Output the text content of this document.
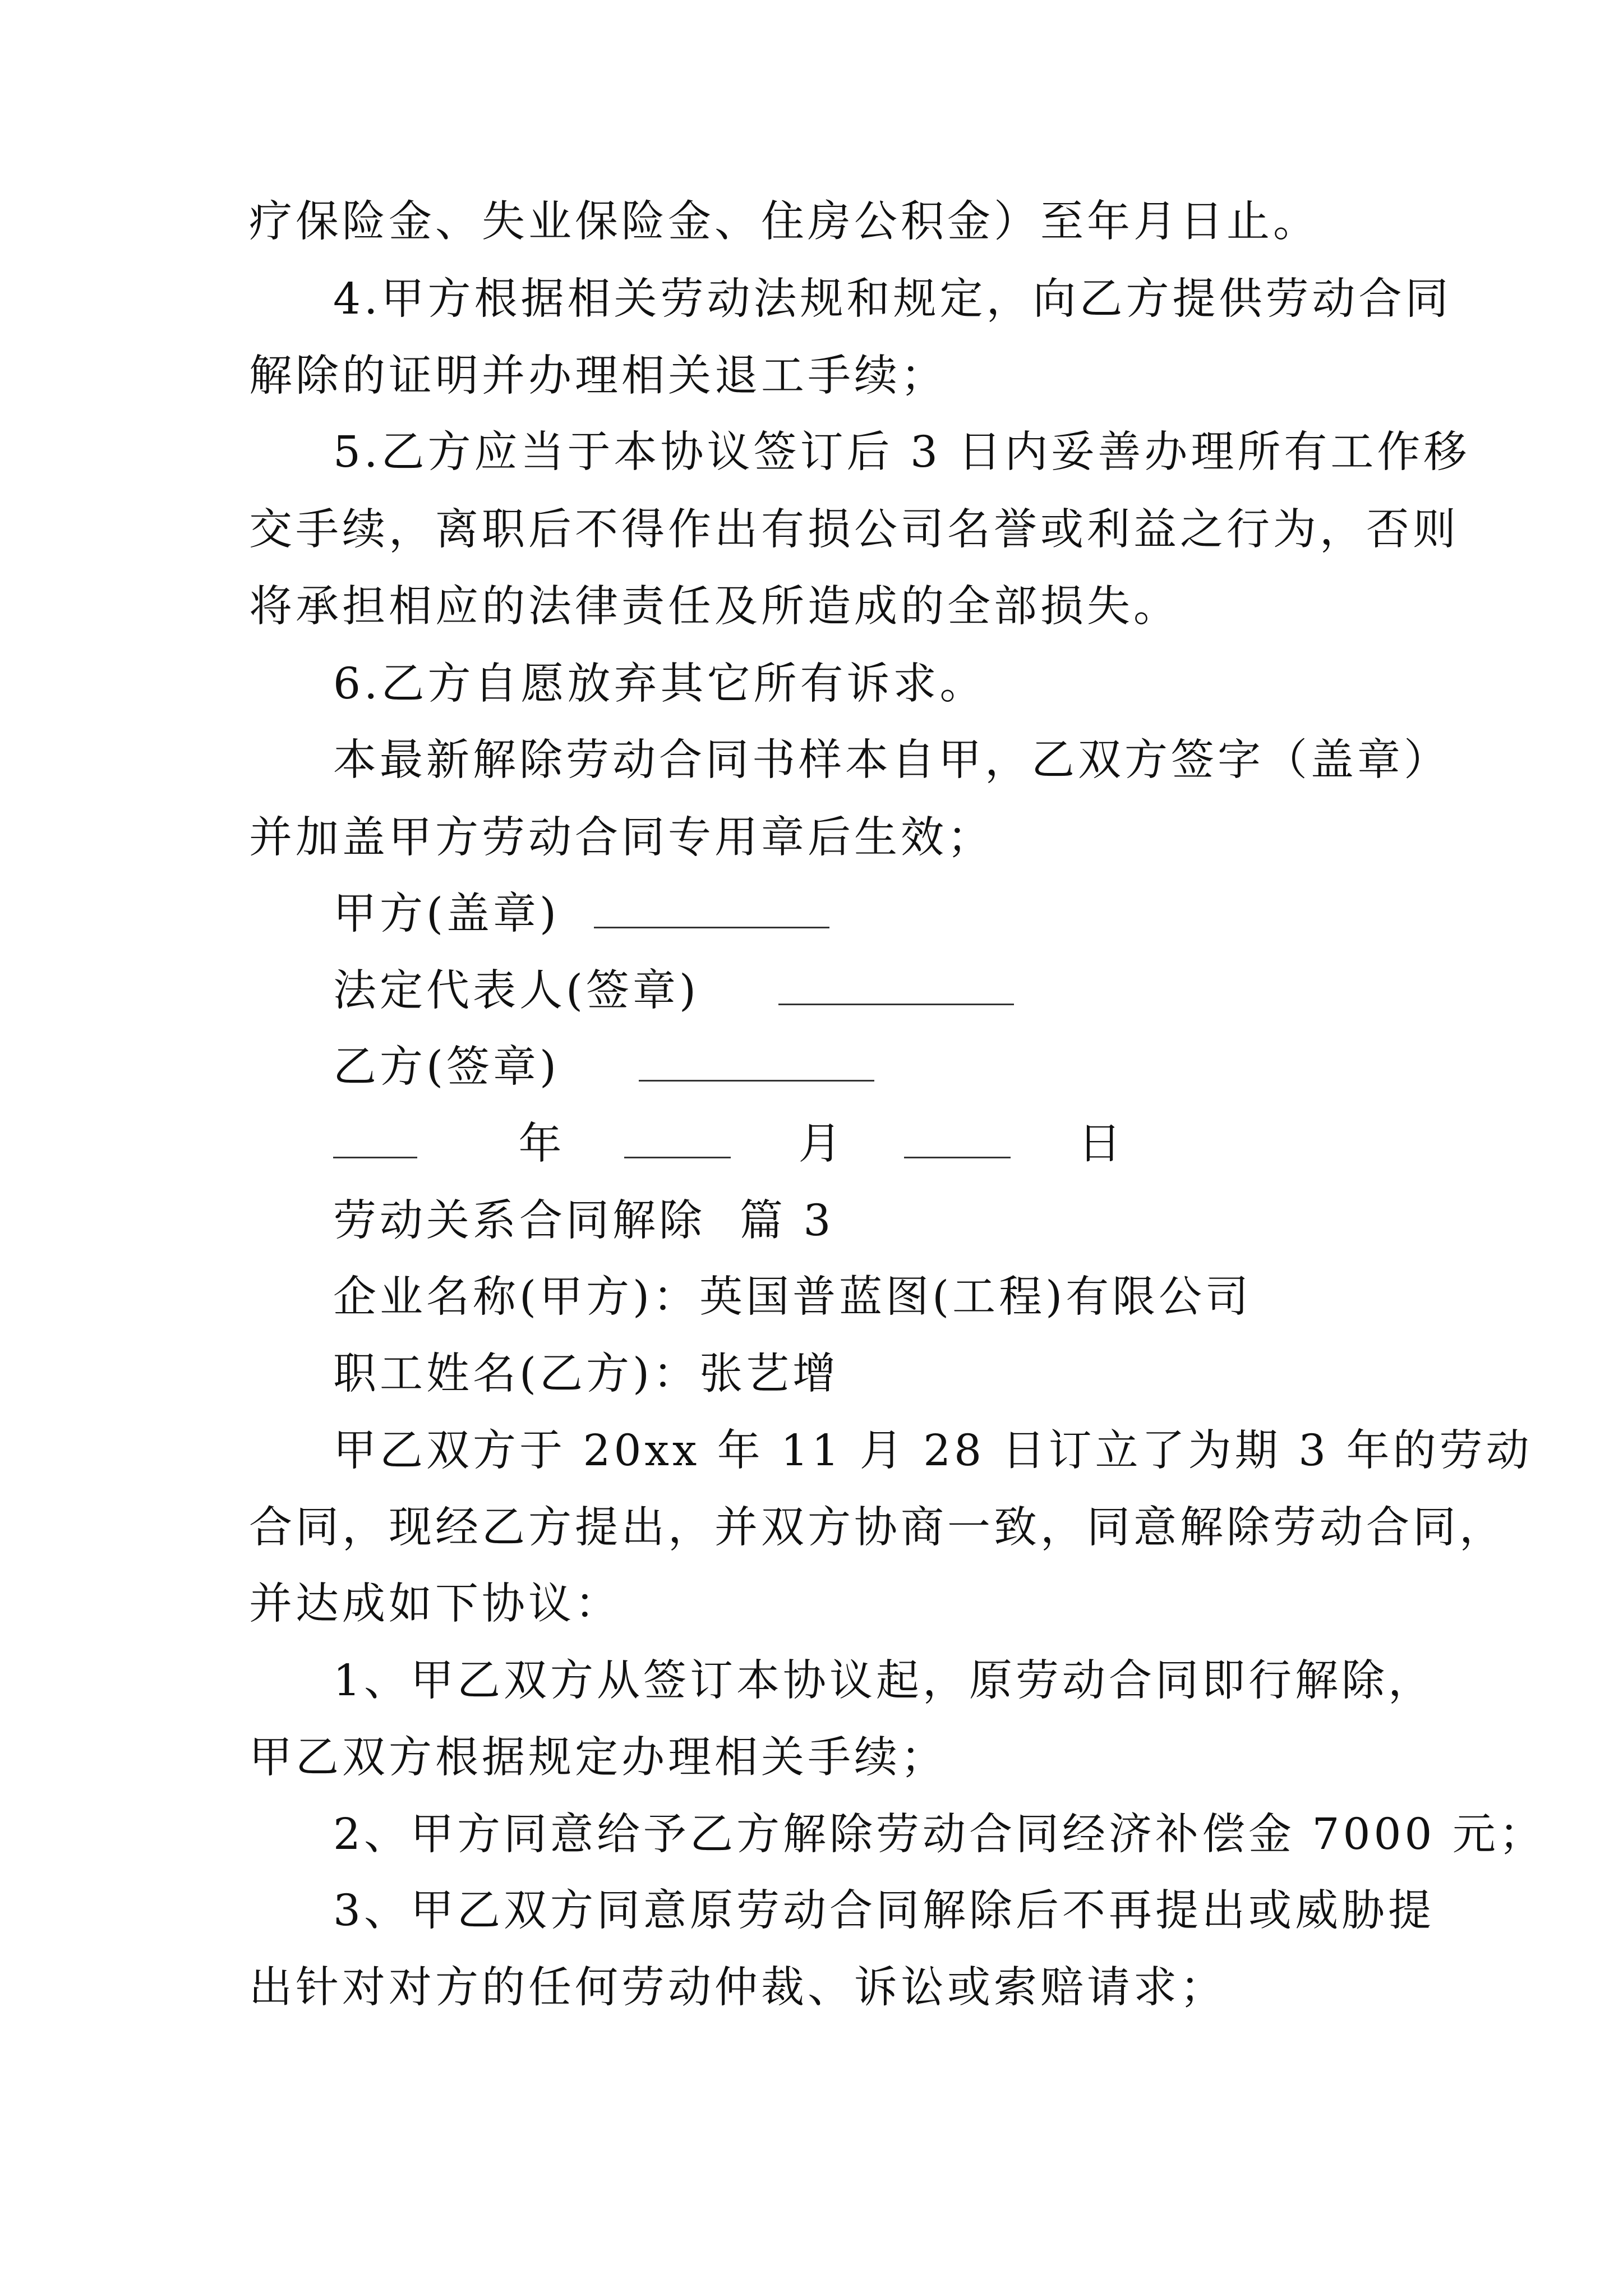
疗保险金、失业保险金、住房公积金）至年月日止。

4.甲方根据相关劳动法规和规定，向乙方提供劳动合同

解除的证明并办理相关退工手续；

5.乙方应当于本协议签订后 3 日内妥善办理所有工作移

交手续，离职后不得作出有损公司名誉或利益之行为，否则

将承担相应的法律责任及所造成的全部损失。

6.乙方自愿放弃其它所有诉求。

本最新解除劳动合同书样本自甲，乙双方签字（盖章）

并加盖甲方劳动合同专用章后生效；

甲方(盖章)

法定代表人(签章)

乙方(签章)

年	月	日

劳动关系合同解除  篇 3

企业名称(甲方)：英国普蓝图(工程)有限公司

职工姓名(乙方)：张艺增

甲乙双方于 20xx 年 11 月 28 日订立了为期 3 年的劳动

合同，现经乙方提出，并双方协商一致，同意解除劳动合同，

并达成如下协议：

1、甲乙双方从签订本协议起，原劳动合同即行解除，

甲乙双方根据规定办理相关手续；

2、甲方同意给予乙方解除劳动合同经济补偿金 7000 元；

3、甲乙双方同意原劳动合同解除后不再提出或威胁提

出针对对方的任何劳动仲裁、诉讼或索赔请求；
